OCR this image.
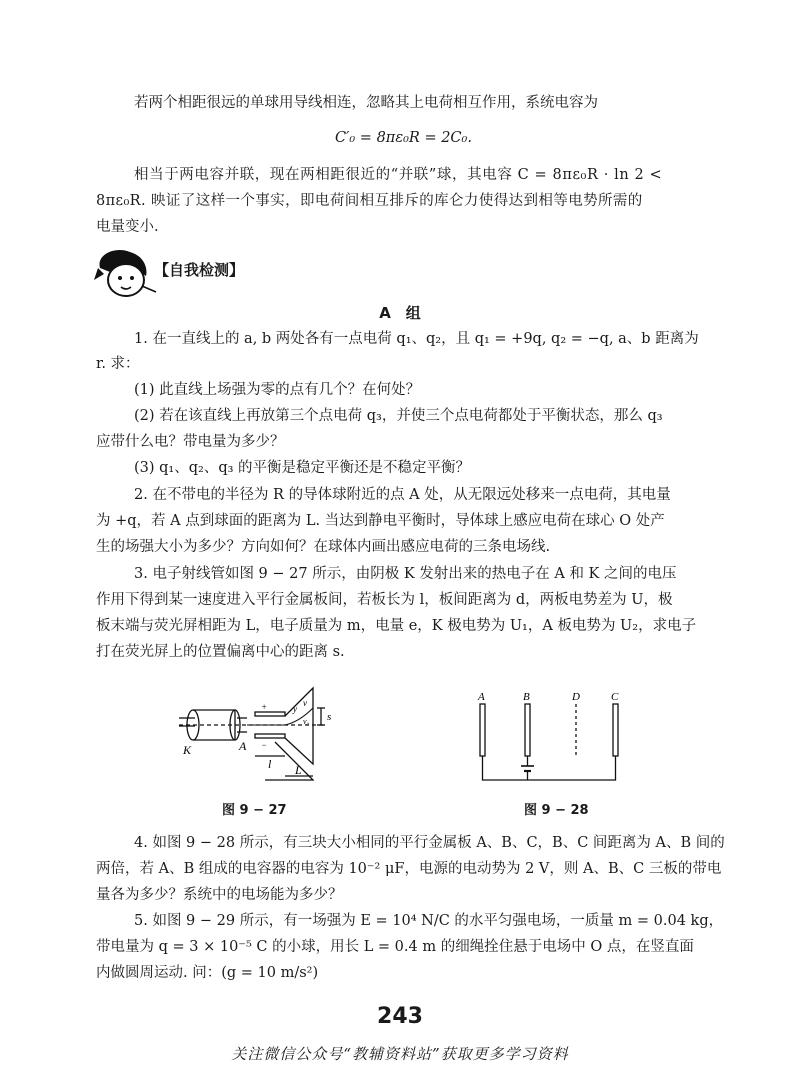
若两个相距很远的单球用导线相连，忽略其上电荷相互作用，系统电容为
C′₀ = 8πε₀R = 2C₀.
相当于两电容并联，现在两相距很近的“并联”球，其电容 C = 8πε₀R · ln 2 <
8πε₀R. 映证了这样一个事实，即电荷间相互排斥的库仑力使得达到相等电势所需的
电量变小.
【自我检测】
A　组
1. 在一直线上的 a, b 两处各有一点电荷 q₁、q₂，且 q₁ = +9q, q₂ = −q, a、b 距离为
r. 求：
(1) 此直线上场强为零的点有几个？在何处？
(2) 若在该直线上再放第三个点电荷 q₃，并使三个点电荷都处于平衡状态，那么 q₃
应带什么电？带电量为多少？
(3) q₁、q₂、q₃ 的平衡是稳定平衡还是不稳定平衡？
2. 在不带电的半径为 R 的导体球附近的点 A 处，从无限远处移来一点电荷，其电量
为 +q，若 A 点到球面的距离为 L. 当达到静电平衡时，导体球上感应电荷在球心 O 处产
生的场强大小为多少？方向如何？在球体内画出感应电荷的三条电场线.
3. 电子射线管如图 9 − 27 所示，由阴极 K 发射出来的热电子在 A 和 K 之间的电压
作用下得到某一速度进入平行金属板间，若板长为 l，板间距离为 d，两板电势差为 U，极
板末端与荧光屏相距为 L，电子质量为 m，电量 e，K 极电势为 U₁，A 板电势为 U₂，求电子
打在荧光屏上的位置偏离中心的距离 s.
K	A
l L
s
y
v
v₀
+
−
图 9 − 27
A	B	D	C
图 9 − 28
4. 如图 9 − 28 所示，有三块大小相同的平行金属板 A、B、C，B、C 间距离为 A、B 间的
两倍，若 A、B 组成的电容器的电容为 10⁻² μF，电源的电动势为 2 V，则 A、B、C 三板的带电
量各为多少？系统中的电场能为多少？
5. 如图 9 − 29 所示，有一场强为 E = 10⁴ N/C 的水平匀强电场，一质量 m = 0.04 kg，
带电量为 q = 3 × 10⁻⁵ C 的小球，用长 L = 0.4 m 的细绳拴住悬于电场中 O 点，在竖直面
内做圆周运动. 问：(g = 10 m/s²)
243
关注微信公众号“教辅资料站”获取更多学习资料
